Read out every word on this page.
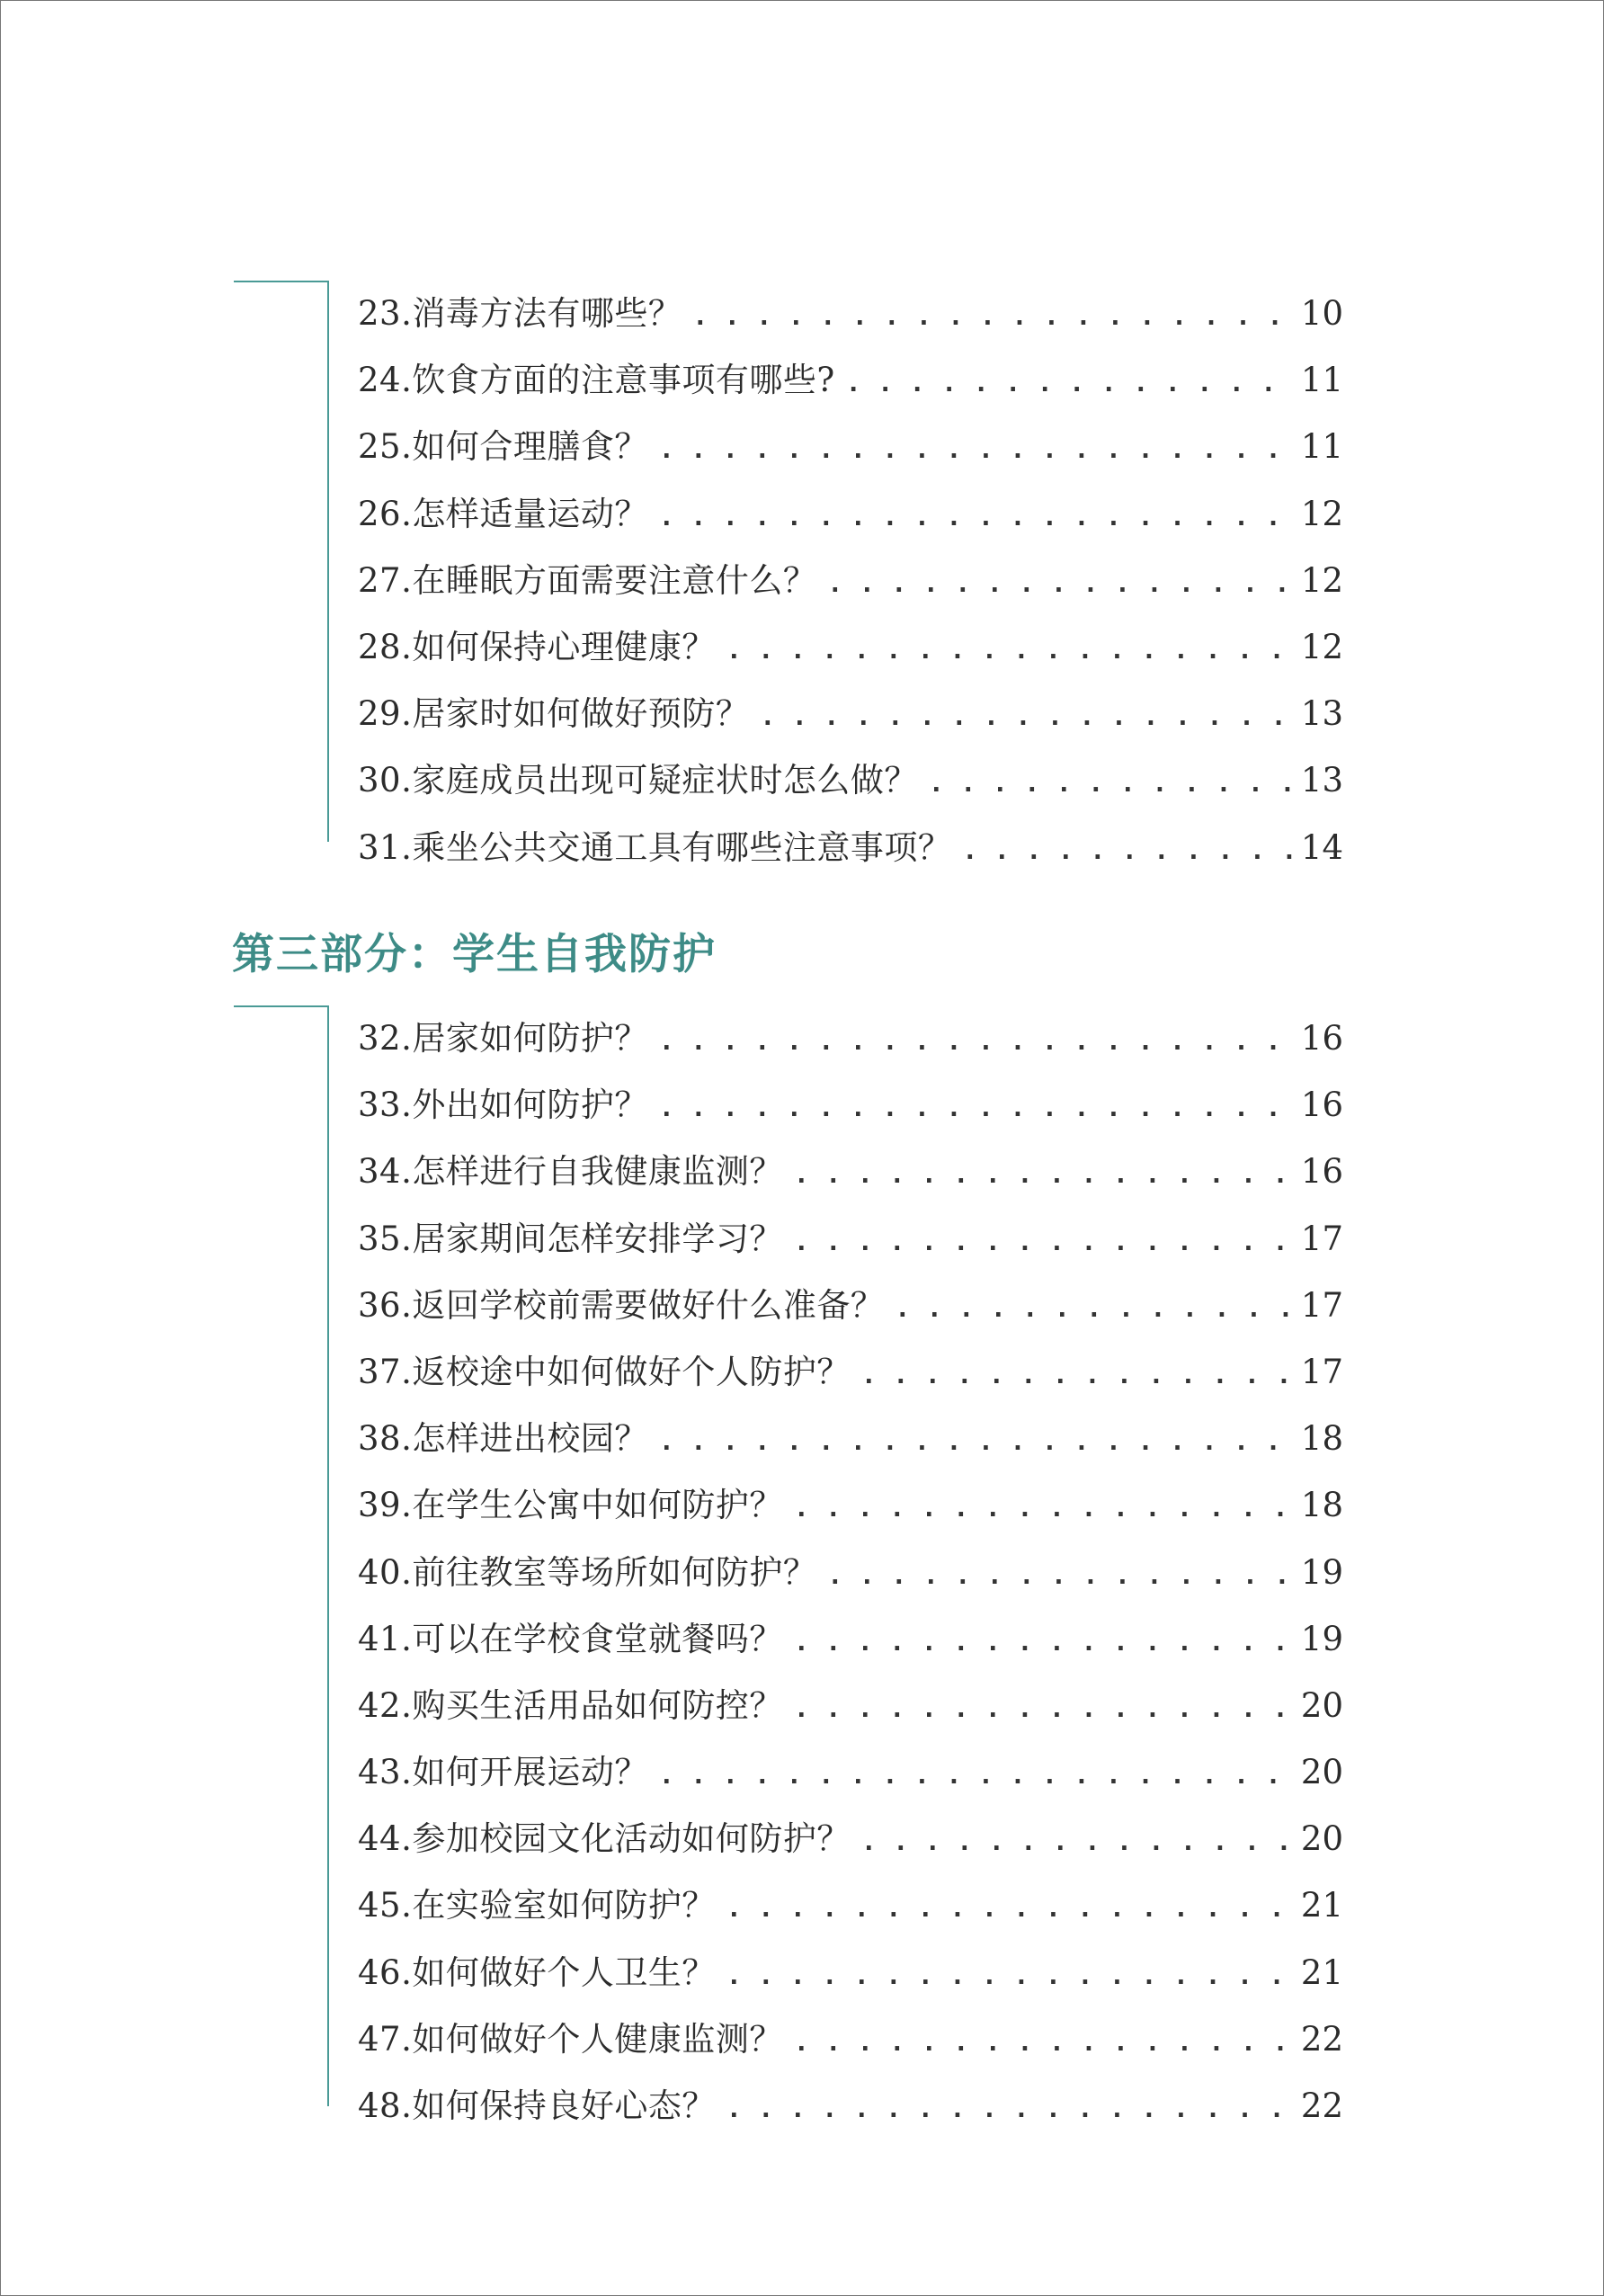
23.消毒方法有哪些？ . . .	10
24.饮食方面的注意事项有哪些? . . .	11
25.如何合理膳食？ . . .	11
26.怎样适量运动？ . . .	12
27.在睡眠方面需要注意什么？ . . .	12
28.如何保持心理健康？ . . .	12
29.居家时如何做好预防？ . . .	13
30.家庭成员出现可疑症状时怎么做？ . . .	13
31.乘坐公共交通工具有哪些注意事项？ . . .	14
第三部分：学生自我防护
32.居家如何防护？ . . .	16
33.外出如何防护？ . . .	16
34.怎样进行自我健康监测？ . . .	16
35.居家期间怎样安排学习？ . . .	17
36.返回学校前需要做好什么准备？ . . .	17
37.返校途中如何做好个人防护？ . . .	17
38.怎样进出校园？ . . .	18
39.在学生公寓中如何防护？ . . .	18
40.前往教室等场所如何防护？ . . .	19
41.可以在学校食堂就餐吗？ . . .	19
42.购买生活用品如何防控？ . . .	20
43.如何开展运动？ . . .	20
44.参加校园文化活动如何防护？ . . .	20
45.在实验室如何防护？ . . .	21
46.如何做好个人卫生？ . . .	21
47.如何做好个人健康监测？ . . .	22
48.如何保持良好心态？ . . .	22
